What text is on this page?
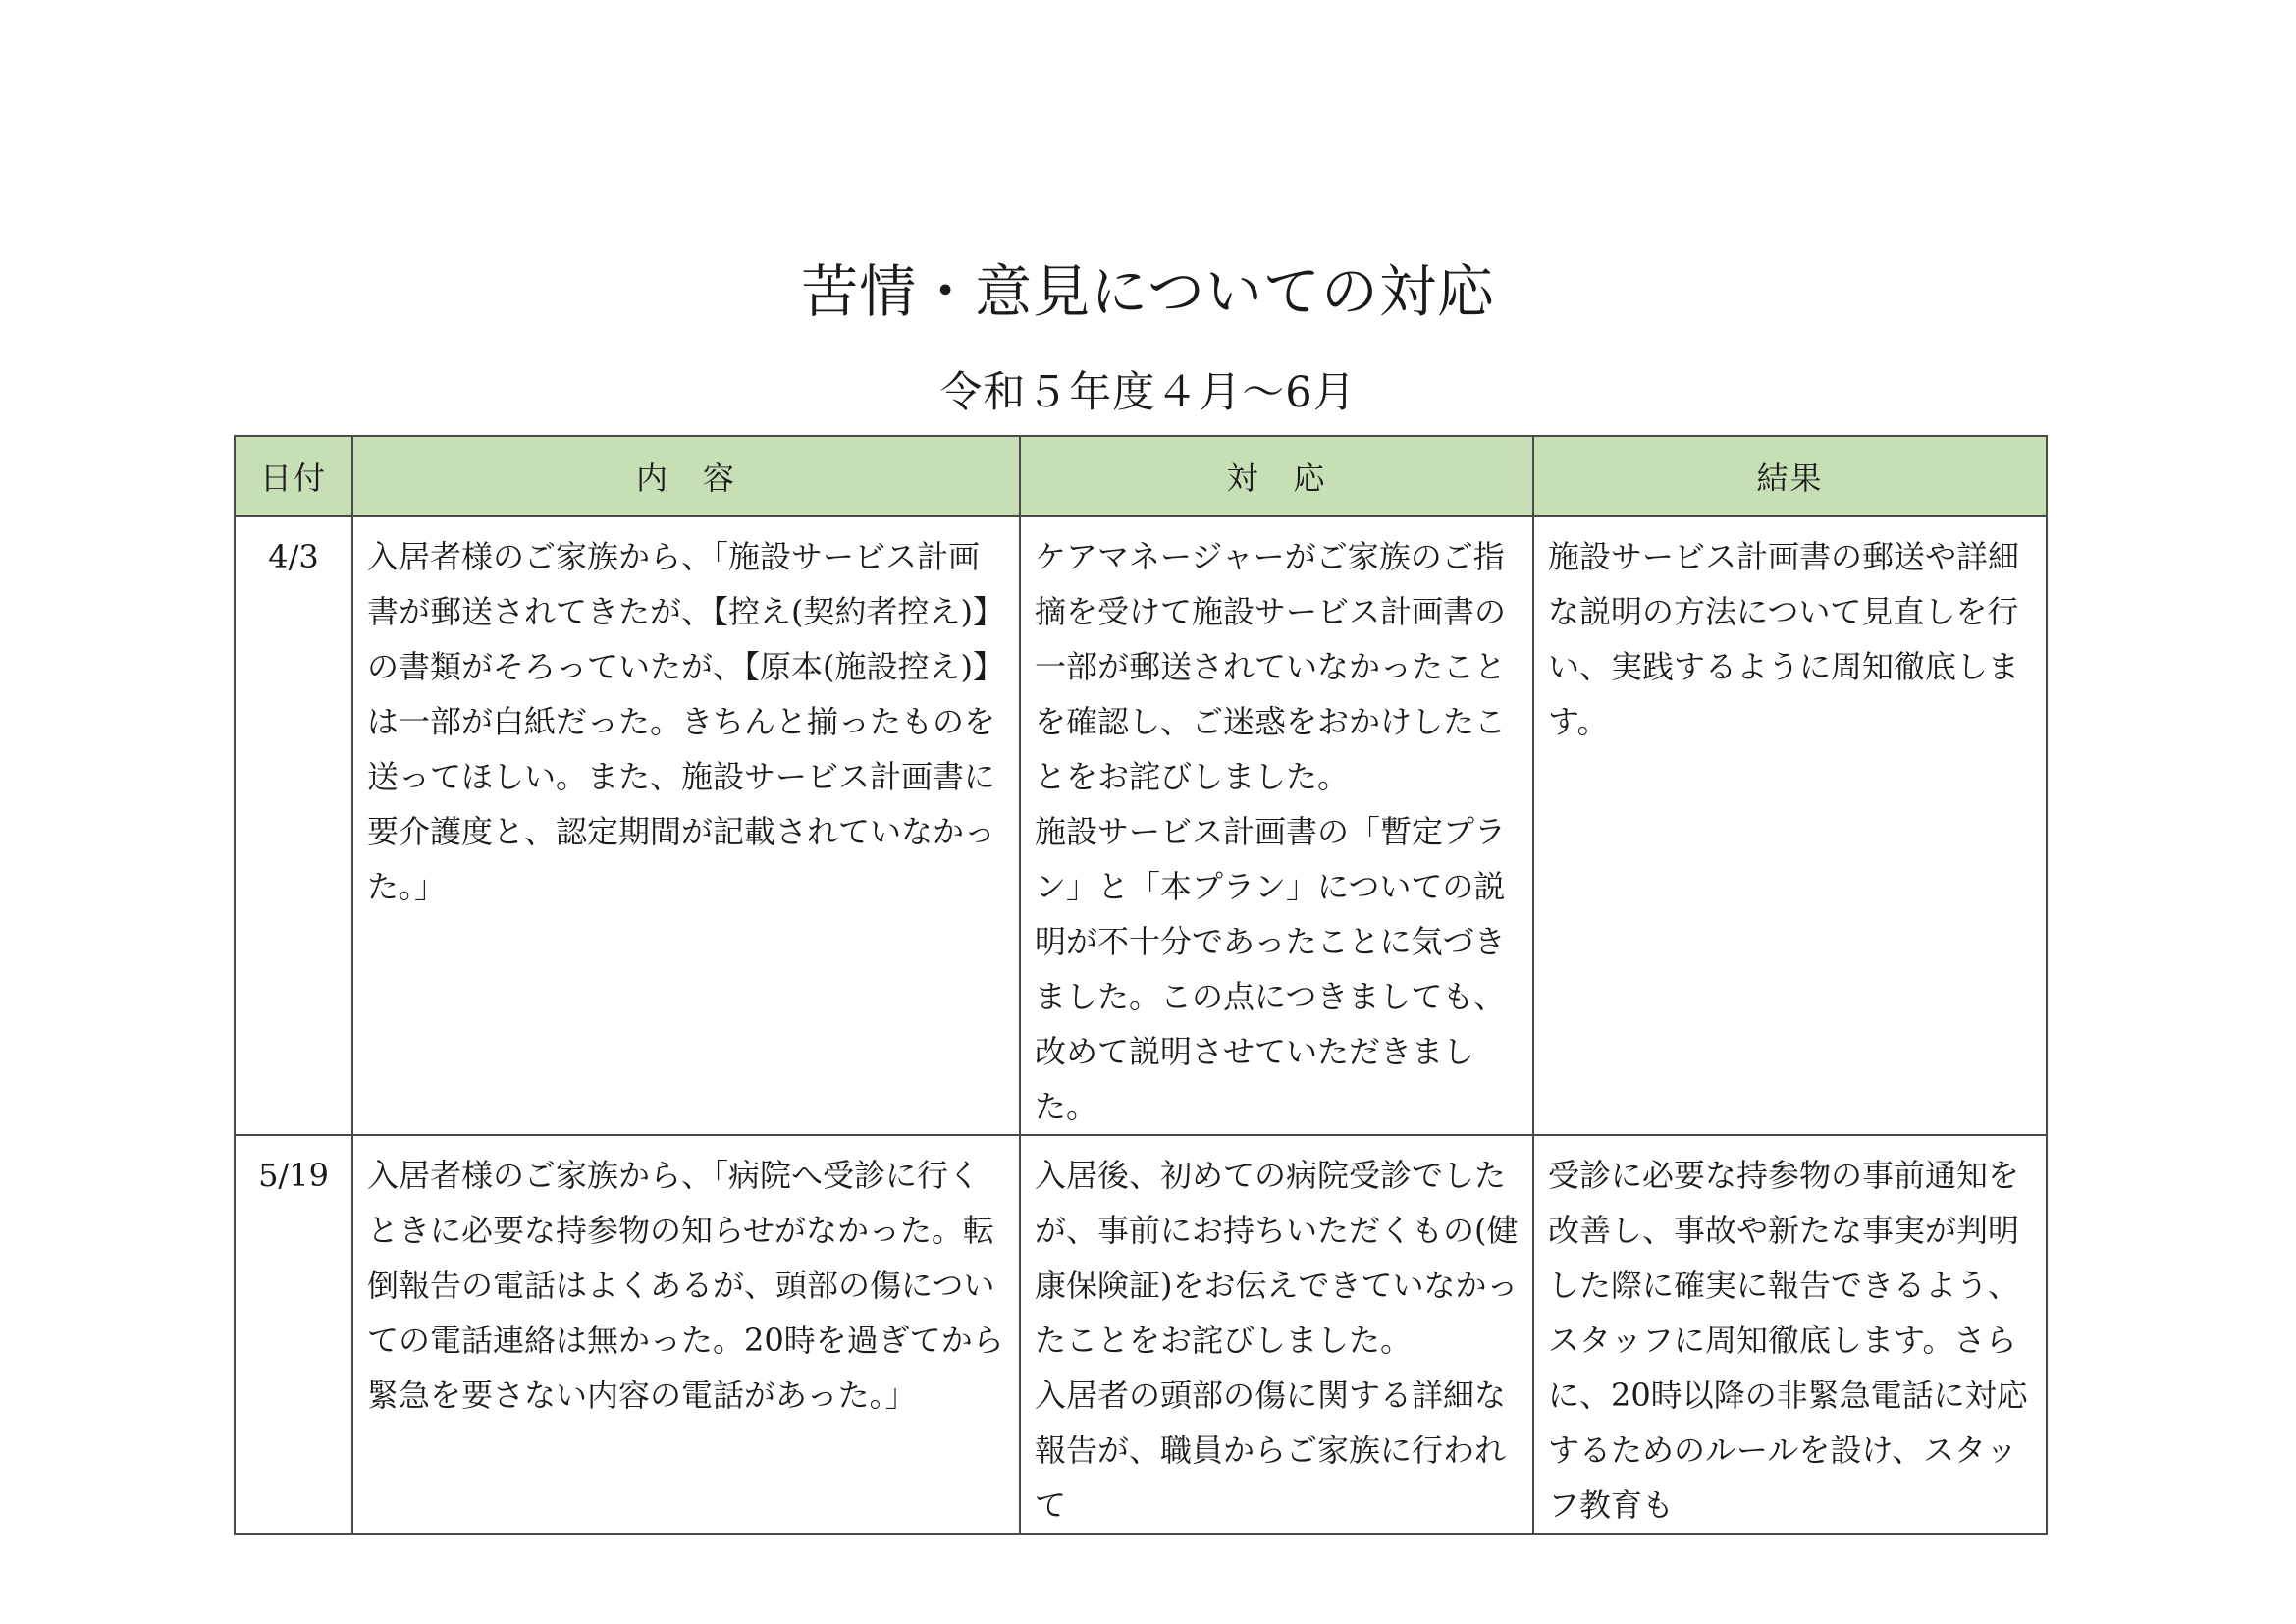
苦情・意見についての対応
令和５年度４月〜6月
日付	内　容	対　応	結果
4/3	入居者様のご家族から、「施設サービス計画書が郵送されてきたが、【控え(契約者控え)】の書類がそろっていたが、【原本(施設控え)】は一部が白紙だった。きちんと揃ったものを送ってほしい。また、施設サービス計画書に要介護度と、認定期間が記載されていなかった。」	ケアマネージャーがご家族のご指摘を受けて施設サービス計画書の一部が郵送されていなかったことを確認し、ご迷惑をおかけしたことをお詫びしました。
施設サービス計画書の「暫定プラン」と「本プラン」についての説明が不十分であったことに気づきました。この点につきましても、改めて説明させていただきました。	施設サービス計画書の郵送や詳細な説明の方法について見直しを行い、実践するように周知徹底します。
5/19	入居者様のご家族から、「病院へ受診に行くときに必要な持参物の知らせがなかった。転倒報告の電話はよくあるが、頭部の傷についての電話連絡は無かった。20時を過ぎてから緊急を要さない内容の電話があった。」	入居後、初めての病院受診でしたが、事前にお持ちいただくもの(健康保険証)をお伝えできていなかったことをお詫びしました。
入居者の頭部の傷に関する詳細な報告が、職員からご家族に行われて	受診に必要な持参物の事前通知を改善し、事故や新たな事実が判明した際に確実に報告できるよう、スタッフに周知徹底します。さらに、20時以降の非緊急電話に対応するためのルールを設け、スタッフ教育も
